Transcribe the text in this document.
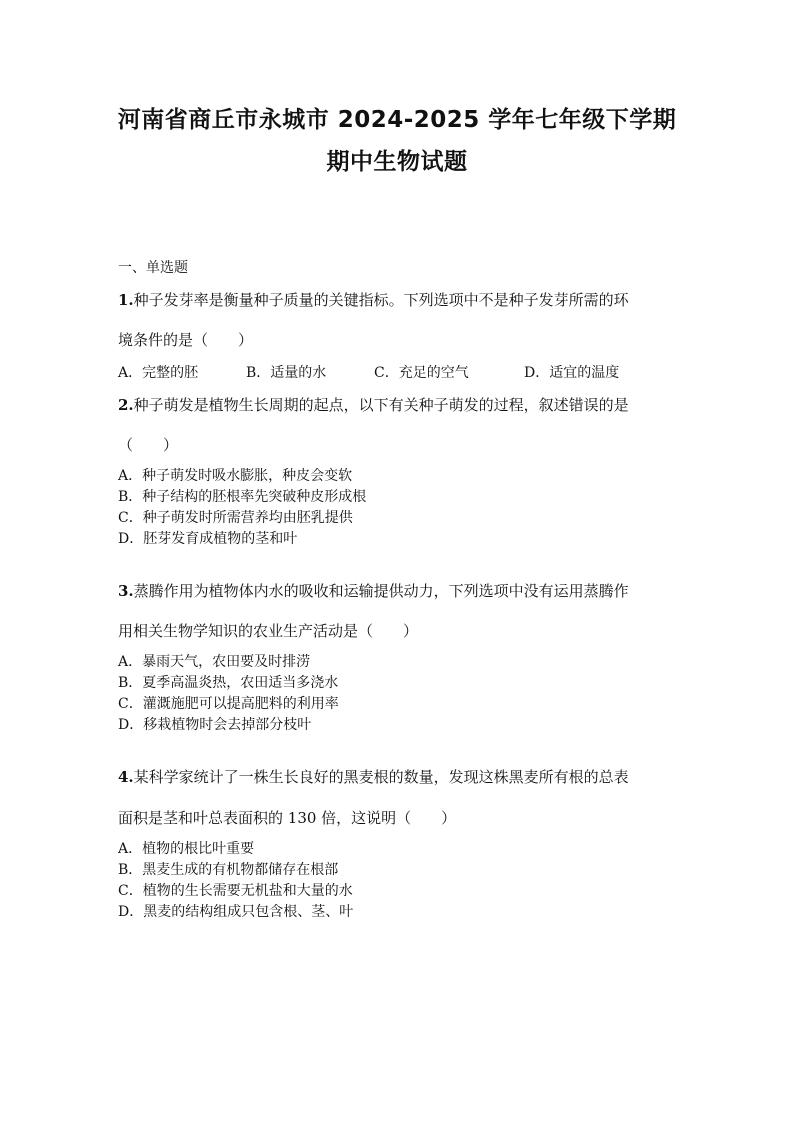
河南省商丘市永城市 2024-2025 学年七年级下学期
期中生物试题
一、单选题
1.种子发芽率是衡量种子质量的关键指标。下列选项中不是种子发芽所需的环
境条件的是（　　）
A．完整的胚	B．适量的水	C．充足的空气	D．适宜的温度
2.种子萌发是植物生长周期的起点，以下有关种子萌发的过程，叙述错误的是
（　　）
A．种子萌发时吸水膨胀，种皮会变软
B．种子结构的胚根率先突破种皮形成根
C．种子萌发时所需营养均由胚乳提供
D．胚芽发育成植物的茎和叶
3.蒸腾作用为植物体内水的吸收和运输提供动力，下列选项中没有运用蒸腾作
用相关生物学知识的农业生产活动是（　　）
A．暴雨天气，农田要及时排涝
B．夏季高温炎热，农田适当多浇水
C．灌溉施肥可以提高肥料的利用率
D．移栽植物时会去掉部分枝叶
4.某科学家统计了一株生长良好的黑麦根的数量，发现这株黑麦所有根的总表
面积是茎和叶总表面积的 130 倍，这说明（　　）
A．植物的根比叶重要
B．黑麦生成的有机物都储存在根部
C．植物的生长需要无机盐和大量的水
D．黑麦的结构组成只包含根、茎、叶
